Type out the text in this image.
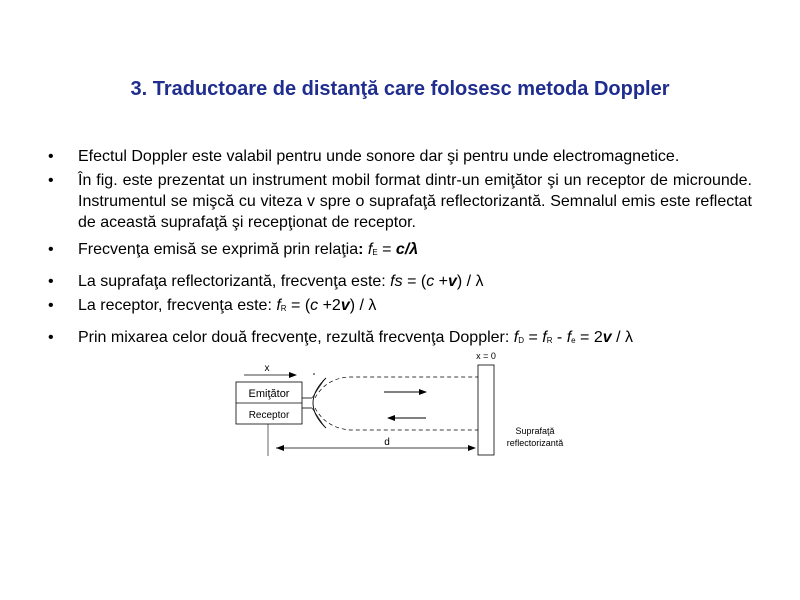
3. Traductoare de distanţă care folosesc metoda Doppler
• Efectul Doppler este valabil pentru unde sonore dar şi pentru unde electromagnetice.
• În fig. este prezentat un instrument mobil format dintr-un emiţător şi un receptor de microunde. Instrumentul se mişcă cu viteza v spre o suprafaţă reflectorizantă. Semnalul emis este reflectat de această suprafaţă şi recepţionat de receptor.
• Frecvenţa emisă se exprimă prin relaţia: fE = c/λ
• La suprafaţa reflectorizantă, frecvenţa este: fs = (c +v) / λ
• La receptor, frecvenţa este: fR = (c +2v) / λ
• Prin mixarea celor două frecvenţe, rezultă frecvenţa Doppler: fD = fR - fe = 2v / λ
x
x = 0
Emiţător
Receptor
d
Suprafaţă
reflectorizantă
